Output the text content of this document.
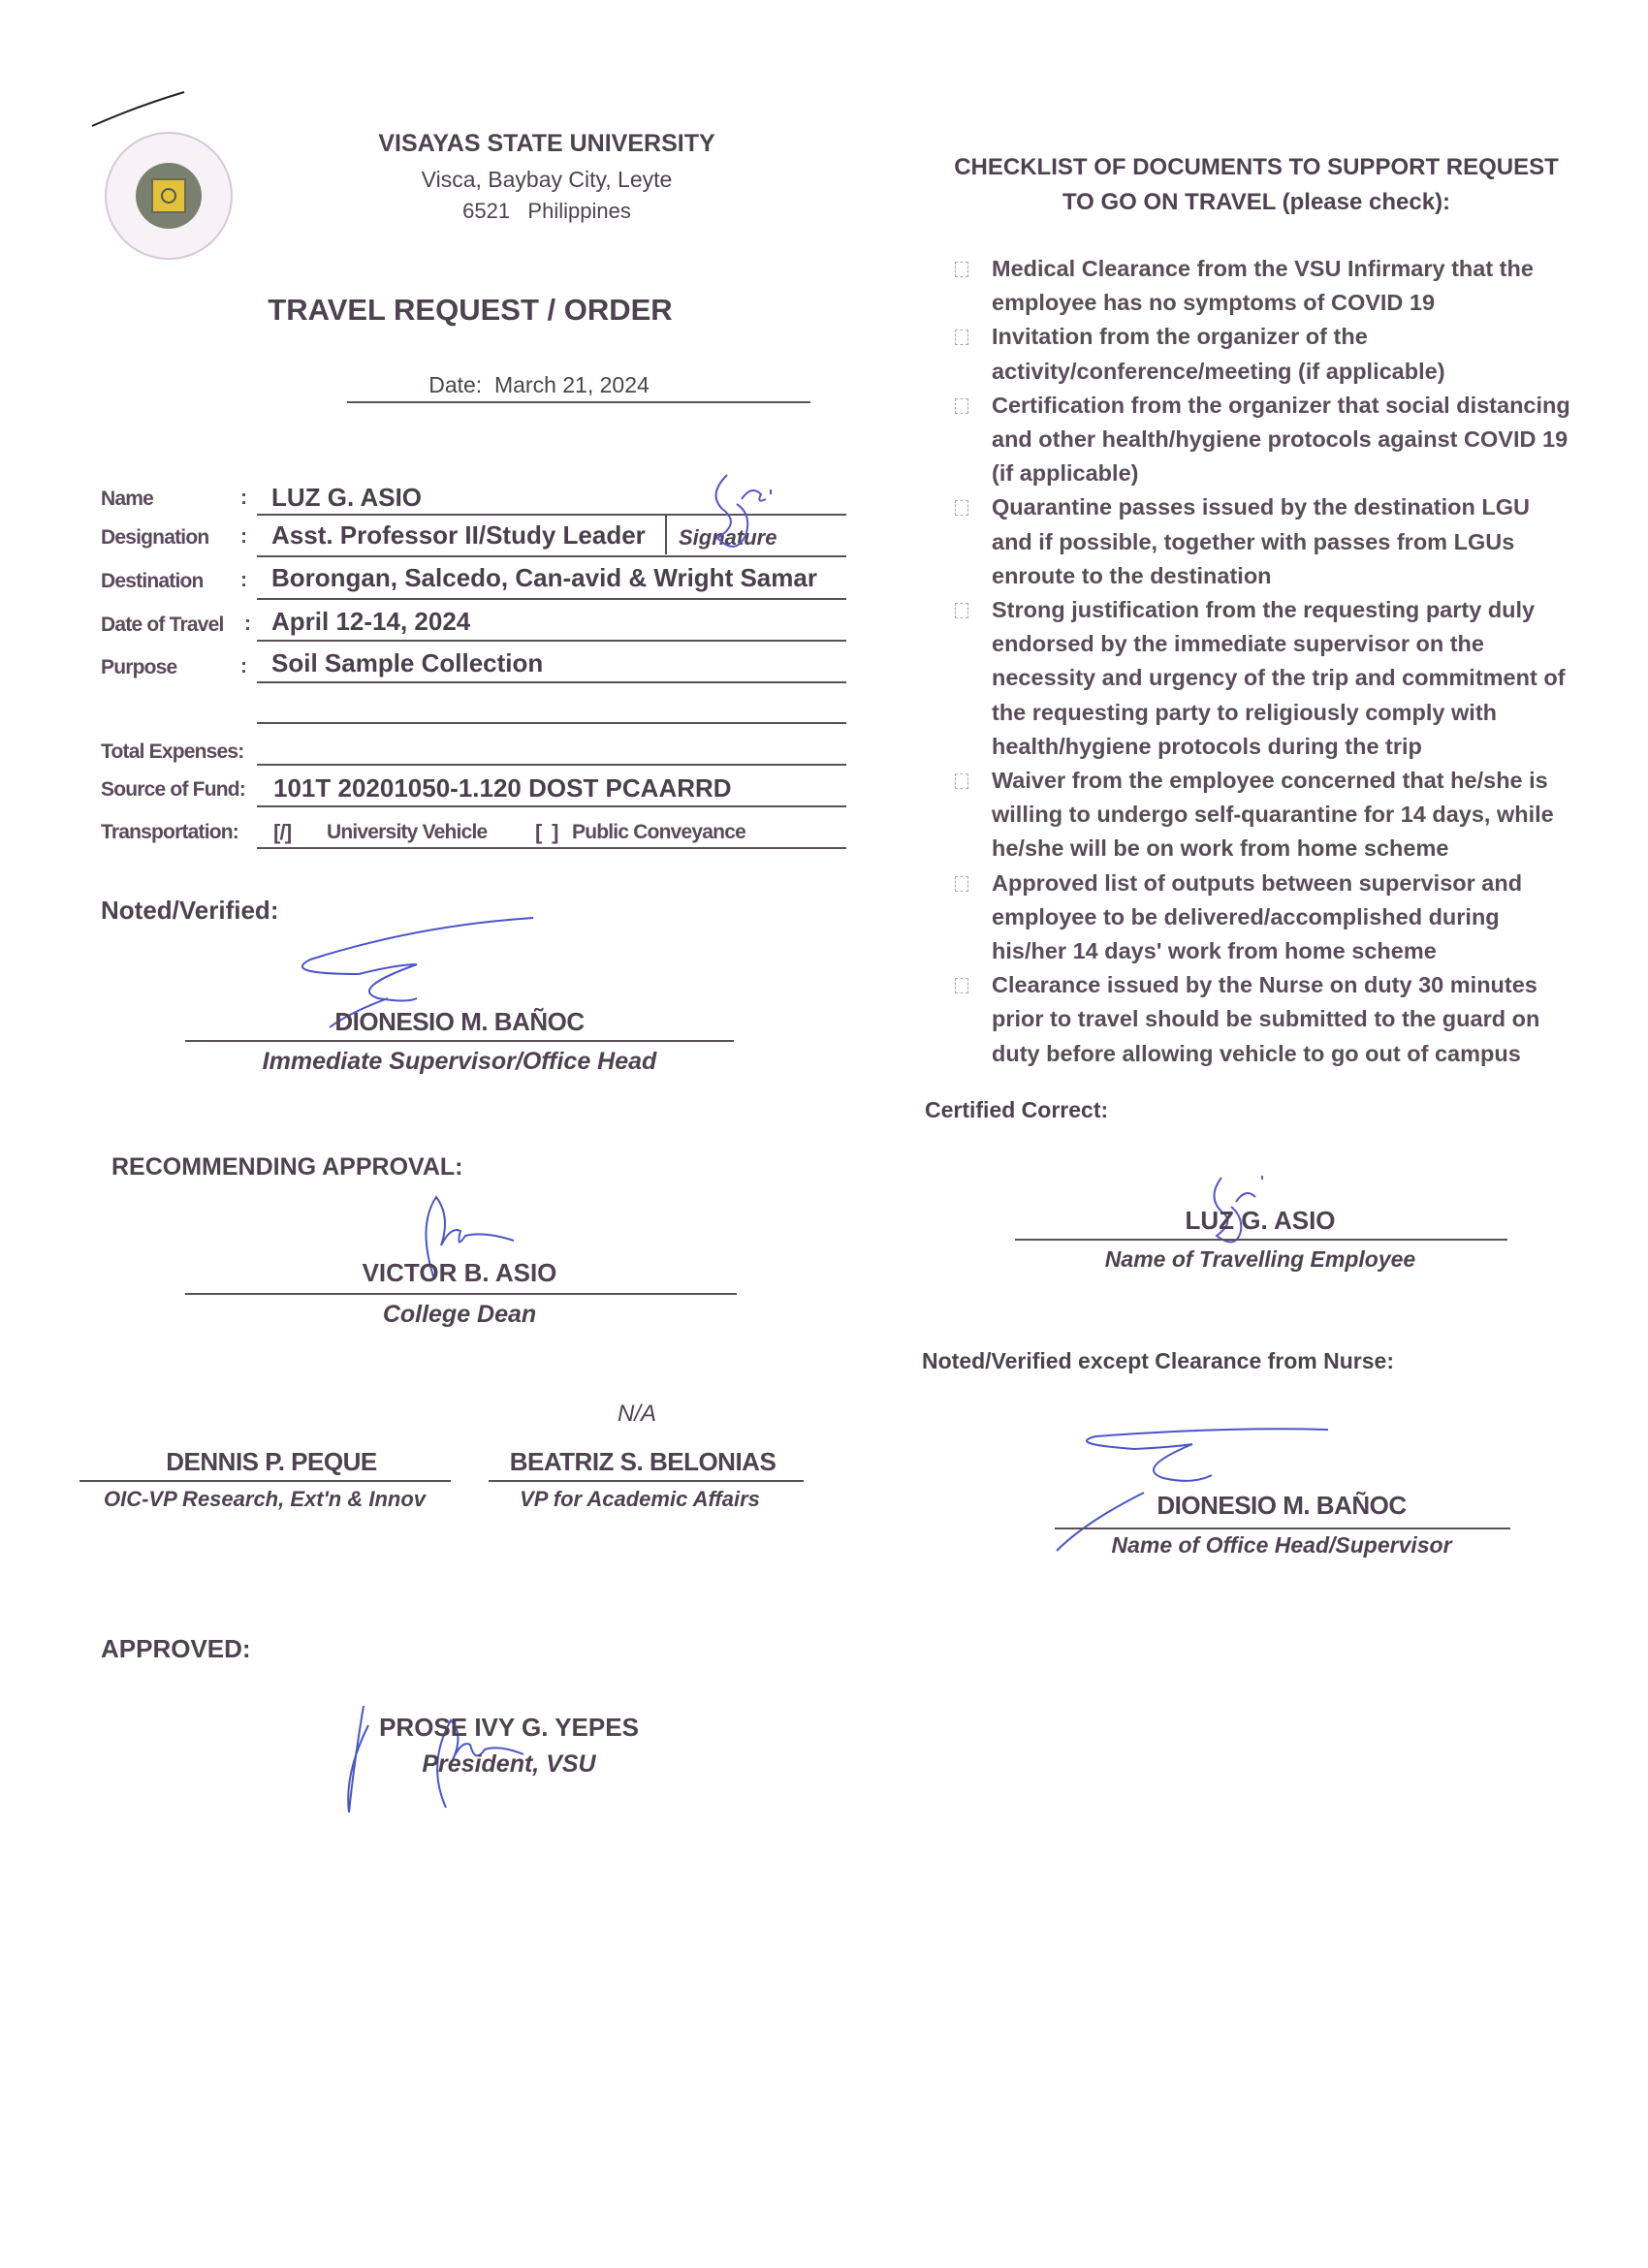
VISAYAS STATE UNIVERSITY
Visca, Baybay City, Leyte
6521   Philippines
TRAVEL REQUEST / ORDER
Date:  March 21, 2024
Name	: LUZ G. ASIO
Designation : Asst. Professor II/Study Leader Signature
Destination : Borongan, Salcedo, Can-avid & Wright Samar
Date of Travel : April 12-14, 2024
Purpose	: Soil Sample Collection
Total Expenses:
Source of Fund: 101T 20201050-1.120 DOST PCAARRD
Transportation: [/] University Vehicle [  ] Public Conveyance
Noted/Verified:
DIONESIO M. BAÑOC
Immediate Supervisor/Office Head
RECOMMENDING APPROVAL:
VICTOR B. ASIO
College Dean
N/A
DENNIS P. PEQUE
OIC-VP Research, Ext'n & Innov
BEATRIZ S. BELONIAS
VP for Academic Affairs
APPROVED:
PROSE IVY G. YEPES
President, VSU
CHECKLIST OF DOCUMENTS TO SUPPORT REQUEST
TO GO ON TRAVEL (please check):
Medical Clearance from the VSU Infirmary that the employee has no symptoms of COVID 19
Invitation from the organizer of the activity/conference/meeting (if applicable)
Certification from the organizer that social distancing and other health/hygiene protocols against COVID 19 (if applicable)
Quarantine passes issued by the destination LGU and if possible, together with passes from LGUs enroute to the destination
Strong justification from the requesting party duly endorsed by the immediate supervisor on the necessity and urgency of the trip and commitment of the requesting party to religiously comply with health/hygiene protocols during the trip
Waiver from the employee concerned that he/she is willing to undergo self-quarantine for 14 days, while he/she will be on work from home scheme
Approved list of outputs between supervisor and employee to be delivered/accomplished during his/her 14 days' work from home scheme
Clearance issued by the Nurse on duty 30 minutes prior to travel should be submitted to the guard on duty before allowing vehicle to go out of campus
Certified Correct:
LUZ G. ASIO
Name of Travelling Employee
Noted/Verified except Clearance from Nurse:
DIONESIO M. BAÑOC
Name of Office Head/Supervisor
